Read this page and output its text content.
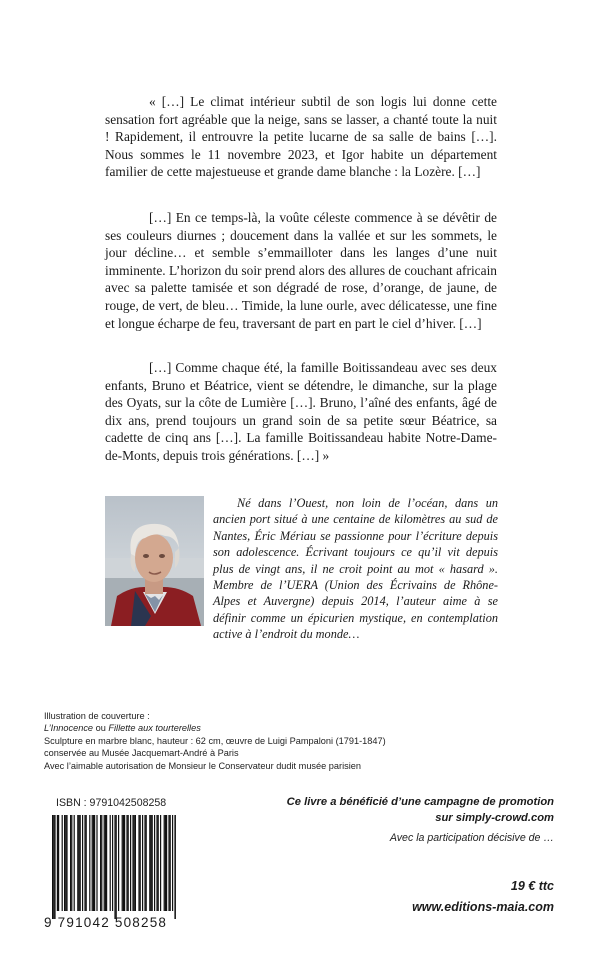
« […] Le climat intérieur subtil de son logis lui donne cette sensation fort agréable que la neige, sans se lasser, a chanté toute la nuit ! Rapidement, il entrouvre la petite lucarne de sa salle de bains […]. Nous sommes le 11 novembre 2023, et Igor habite un département familier de cette majestueuse et grande dame blanche : la Lozère. […]

[…] En ce temps-là, la voûte céleste commence à se dévêtir de ses couleurs diurnes ; doucement dans la vallée et sur les sommets, le jour décline… et semble s’emmailloter dans les langes d’une nuit imminente. L’horizon du soir prend alors des allures de couchant africain avec sa palette tamisée et son dégradé de rose, d’orange, de jaune, de rouge, de vert, de bleu… Timide, la lune ourle, avec délicatesse, une fine et longue écharpe de feu, traversant de part en part le ciel d’hiver. […]

[…] Comme chaque été, la famille Boitissandeau avec ses deux enfants, Bruno et Béatrice, vient se détendre, le dimanche, sur la plage des Oyats, sur la côte de Lumière […]. Bruno, l’aîné des enfants, âgé de dix ans, prend toujours un grand soin de sa petite sœur Béatrice, sa cadette de cinq ans […]. La famille Boitissandeau habite Notre-Dame-de-Monts, depuis trois générations. […] »

Né dans l’Ouest, non loin de l’océan, dans un ancien port situé à une centaine de kilomètres au sud de Nantes, Éric Mériau se passionne pour l’écriture depuis son adolescence. Écrivant toujours ce qu’il vit depuis plus de vingt ans, il ne croit point au mot « hasard ». Membre de l’UERA (Union des Écrivains de Rhône-Alpes et Auvergne) depuis 2014, l’auteur aime à se définir comme un épicurien mystique, en contemplation active à l’endroit du monde…

Illustration de couverture :
L’Innocence ou Fillette aux tourterelles
Sculpture en marbre blanc, hauteur : 62 cm, œuvre de Luigi Pampaloni (1791-1847)
conservée au Musée Jacquemart-André à Paris
Avec l’aimable autorisation de Monsieur le Conservateur dudit musée parisien
ISBN : 9791042508258
9 791042 508258
Ce livre a bénéficié d’une campagne de promotion
sur simply-crowd.com
Avec la participation décisive de …
19 € ttc
www.editions-maia.com
